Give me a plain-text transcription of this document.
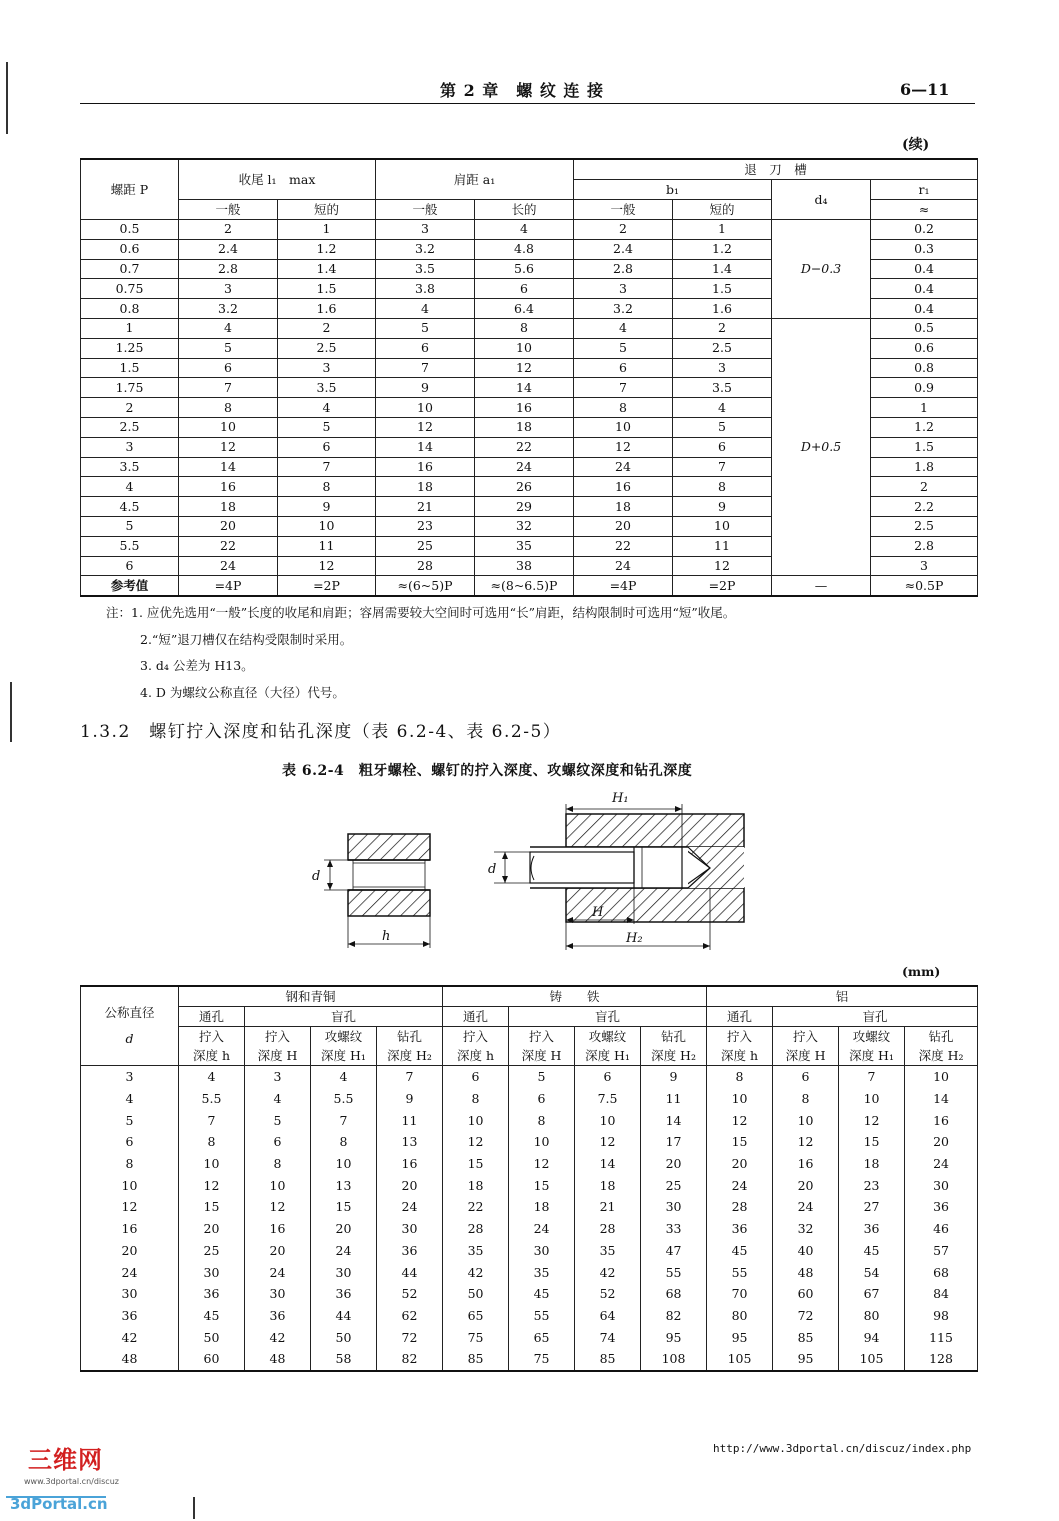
第 2 章　螺 纹 连 接	6—11
(续)
螺距 P	收尾 l₁　max		肩距 a₁		退　刀　槽			
					b₁		d₄	r₁
	一般	短的	一般	长的	一般	短的		≈
0.5	2	1	3	4	2	1	D−0.3	0.2
0.6	2.4	1.2	3.2	4.8	2.4	1.2		0.3
0.7	2.8	1.4	3.5	5.6	2.8	1.4		0.4
0.75	3	1.5	3.8	6	3	1.5		0.4
0.8	3.2	1.6	4	6.4	3.2	1.6		0.4
1	4	2	5	8	4	2	D+0.5	0.5
1.25	5	2.5	6	10	5	2.5		0.6
1.5	6	3	7	12	6	3		0.8
1.75	7	3.5	9	14	7	3.5		0.9
2	8	4	10	16	8	4		1
2.5	10	5	12	18	10	5		1.2
3	12	6	14	22	12	6		1.5
3.5	14	7	16	24	24	7		1.8
4	16	8	18	26	16	8		2
4.5	18	9	21	29	18	9		2.2
5	20	10	23	32	20	10		2.5
5.5	22	11	25	35	22	11		2.8
6	24	12	28	38	24	12		3
参考值	=4P	=2P	≈(6~5)P	≈(8~6.5)P	=4P	=2P	—	≈0.5P
注：1. 应优先选用“一般”长度的收尾和肩距；容屑需要较大空间时可选用“长”肩距，结构限制时可选用“短”收尾。
2.“短”退刀槽仅在结构受限制时采用。
3. d₄ 公差为 H13。
4. D 为螺纹公称直径（大径）代号。
1.3.2　螺钉拧入深度和钻孔深度（表 6.2-4、表 6.2-5）
表 6.2-4　粗牙螺栓、螺钉的拧入深度、攻螺纹深度和钻孔深度
d
h
d
H₁
H
H₂
(mm)
公称直径
d	钢和青铜				铸　　铁				铝			
	通孔	盲孔			通孔	盲孔			通孔	盲孔		
	拧入	拧入	攻螺纹	钻孔	拧入	拧入	攻螺纹	钻孔	拧入	拧入	攻螺纹	钻孔
	深度 h	深度 H	深度 H₁	深度 H₂	深度 h	深度 H	深度 H₁	深度 H₂	深度 h	深度 H	深度 H₁	深度 H₂
3	4	3	4	7	6	5	6	9	8	6	7	10
4	5.5	4	5.5	9	8	6	7.5	11	10	8	10	14
5	7	5	7	11	10	8	10	14	12	10	12	16
6	8	6	8	13	12	10	12	17	15	12	15	20
8	10	8	10	16	15	12	14	20	20	16	18	24
10	12	10	13	20	18	15	18	25	24	20	23	30
12	15	12	15	24	22	18	21	30	28	24	27	36
16	20	16	20	30	28	24	28	33	36	32	36	46
20	25	20	24	36	35	30	35	47	45	40	45	57
24	30	24	30	44	42	35	42	55	55	48	54	68
30	36	30	36	52	50	45	52	68	70	60	67	84
36	45	36	44	62	65	55	64	82	80	72	80	98
42	50	42	50	72	75	65	74	95	95	85	94	115
48	60	48	58	82	85	75	85	108	105	95	105	128
http://www.3dportal.cn/discuz/index.php
三维网
www.3dportal.cn/discuz
3dPortal.cn
